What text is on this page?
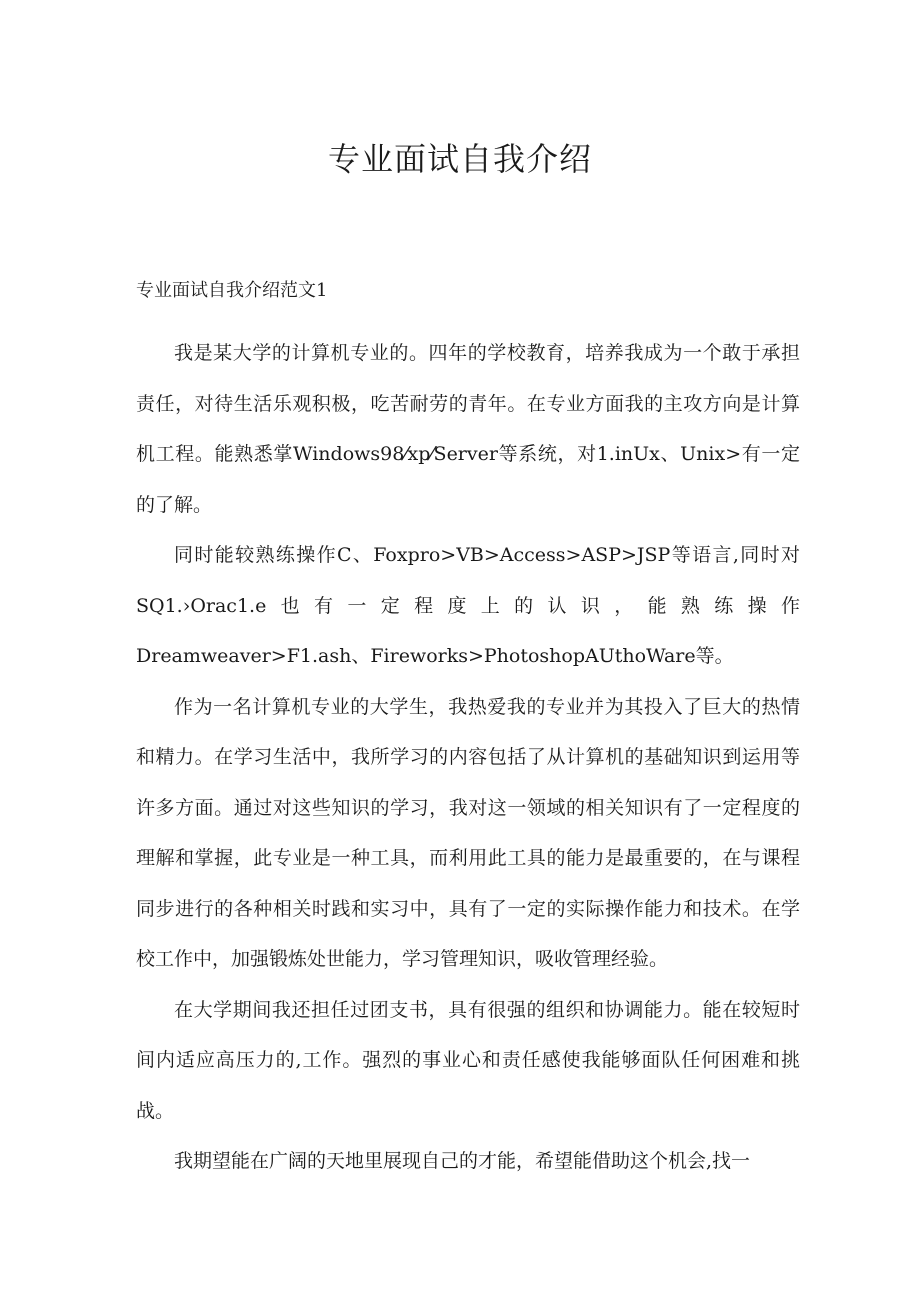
专业面试自我介绍

专业面试自我介绍范文1

我是某大学的计算机专业的。四年的学校教育，培养我成为一个敢于承担责任，对待生活乐观积极，吃苦耐劳的青年。在专业方面我的主攻方向是计算机工程。能熟悉掌Windows98⁄xp⁄Server等系统，对1.inUx、Unix>有一定的了解。

同时能较熟练操作C、Foxpro>VB>Access>ASP>JSP等语言,同时对SQ1.›Orac1.e也有一定程度上的认识，能熟练操作Dreamweaver>F1.ash、Fireworks>PhotoshopAUthoWare等。

作为一名计算机专业的大学生，我热爱我的专业并为其投入了巨大的热情和精力。在学习生活中，我所学习的内容包括了从计算机的基础知识到运用等许多方面。通过对这些知识的学习，我对这一领域的相关知识有了一定程度的理解和掌握，此专业是一种工具，而利用此工具的能力是最重要的，在与课程同步进行的各种相关时践和实习中，具有了一定的实际操作能力和技术。在学校工作中，加强锻炼处世能力，学习管理知识，吸收管理经验。

在大学期间我还担任过团支书，具有很强的组织和协调能力。能在较短时间内适应高压力的,工作。强烈的事业心和责任感使我能够面队任何困难和挑战。

我期望能在广阔的天地里展现自己的才能，希望能借助这个机会,找一
